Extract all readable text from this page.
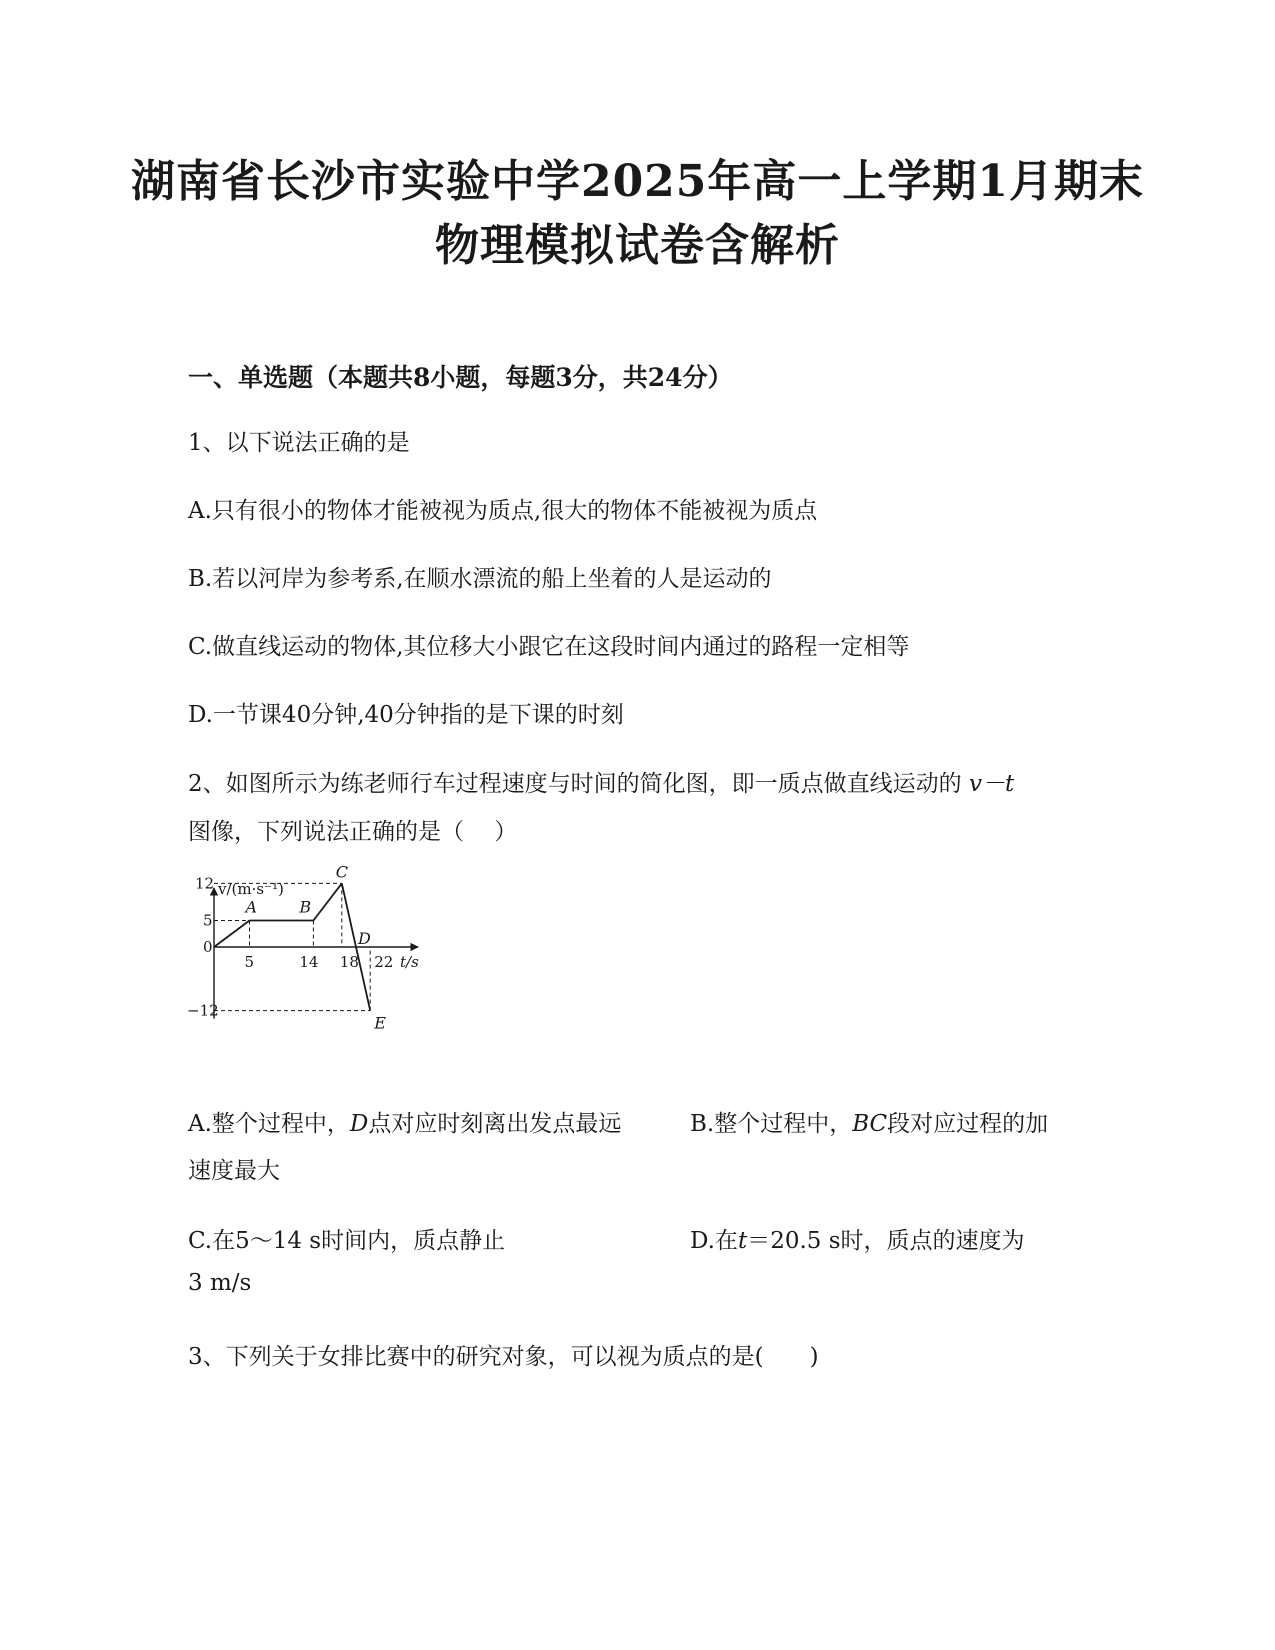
湖南省长沙市实验中学2025年高一上学期1月期末物理模拟试卷含解析
一、单选题（本题共8小题，每题3分，共24分）
1、以下说法正确的是
A.只有很小的物体才能被视为质点,很大的物体不能被视为质点
B.若以河岸为参考系,在顺水漂流的船上坐着的人是运动的
C.做直线运动的物体,其位移大小跟它在这段时间内通过的路程一定相等
D.一节课40分钟,40分钟指的是下课的时刻
2、如图所示为练老师行车过程速度与时间的简化图，即一质点做直线运动的 v－t
图像，下列说法正确的是（　 ）
v/(m·s⁻¹)
t/s
A	B
C
E
D
5	14 18 22
12
5
0
−12
A.整个过程中，D点对应时刻离出发点最远	B.整个过程中，BC段对应过程的加
速度最大
C.在5～14 s时间内，质点静止	D.在t＝20.5 s时，质点的速度为
3 m/s
3、下列关于女排比赛中的研究对象，可以视为质点的是(　　)
